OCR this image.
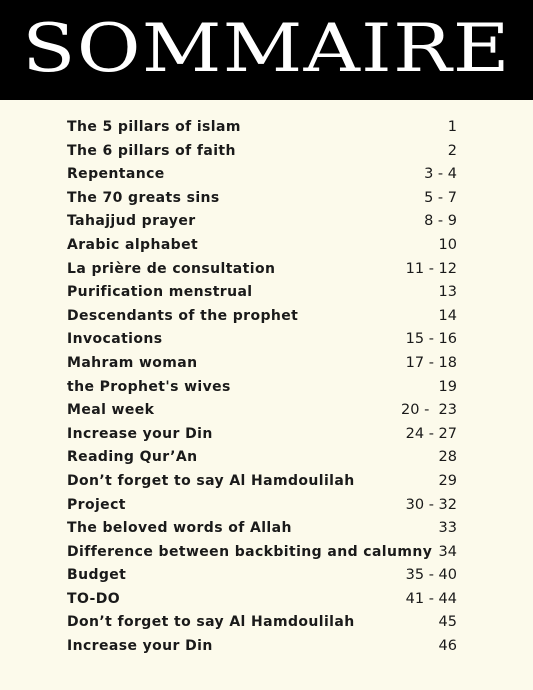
SOMMAIRE
The 5 pillars of islam	1
The 6 pillars of faith	2
Repentance	3 - 4
The 70 greats sins	5 - 7
Tahajjud prayer	8 - 9
Arabic alphabet	10
La prière de consultation	11 - 12
Purification menstrual	13
Descendants of the prophet	14
Invocations	15 - 16
Mahram woman	17 - 18
the Prophet's wives	19
Meal week	20 -  23
Increase your Din	24 - 27
Reading Qur’An	28
Don’t forget to say Al Hamdoulilah	29
Project	30 - 32
The beloved words of Allah	33
Difference between backbiting and calumny 34
Budget	35 - 40
TO-DO	41 - 44
Don’t forget to say Al Hamdoulilah	45
Increase your Din	46
